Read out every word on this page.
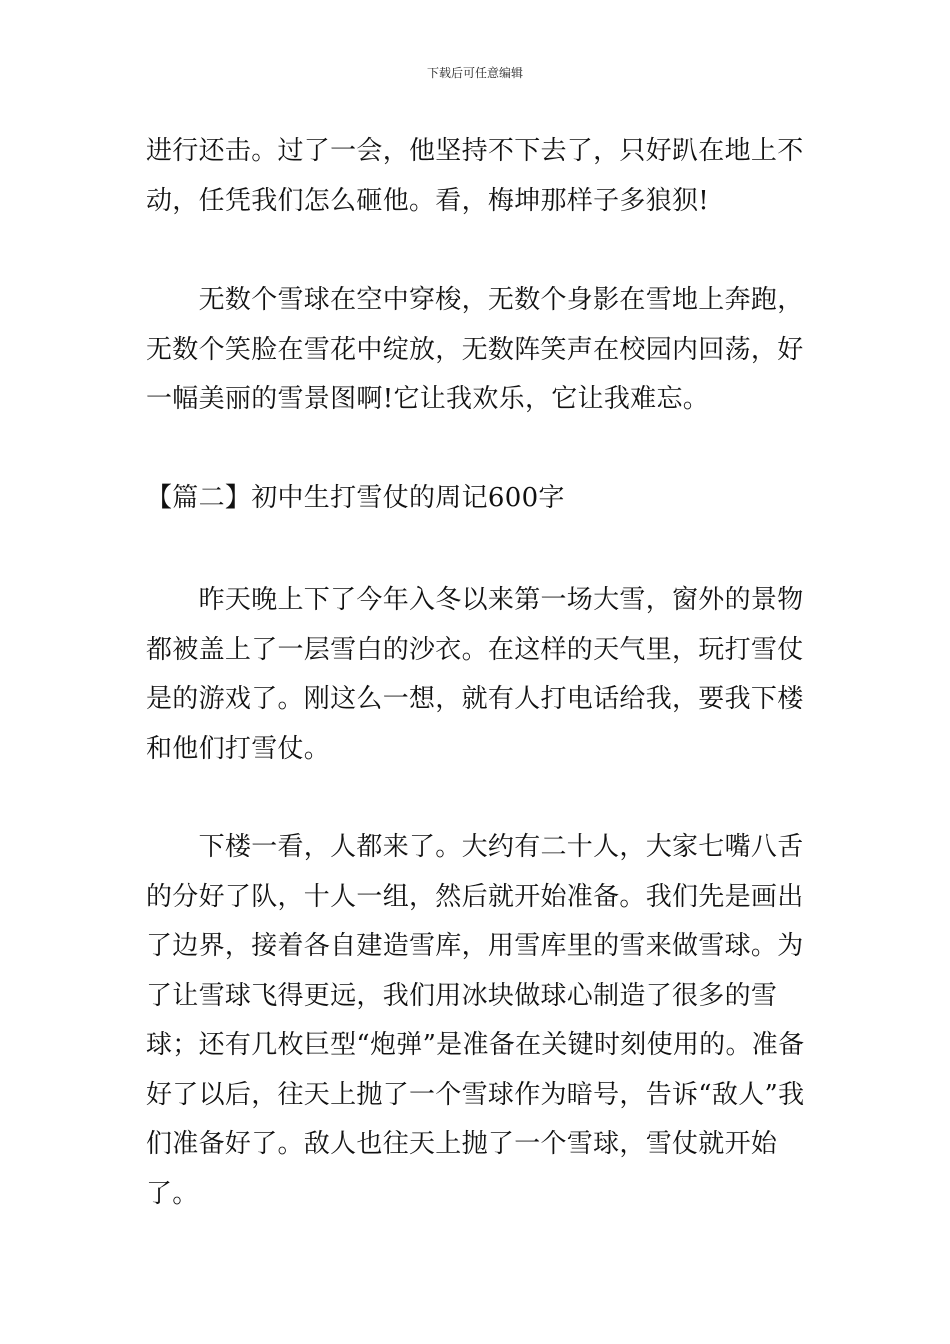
下载后可任意编辑

进行还击。过了一会，他坚持不下去了，只好趴在地上不动，任凭我们怎么砸他。看，梅坤那样子多狼狈!

　　无数个雪球在空中穿梭，无数个身影在雪地上奔跑，无数个笑脸在雪花中绽放，无数阵笑声在校园内回荡，好一幅美丽的雪景图啊!它让我欢乐，它让我难忘。

【篇二】初中生打雪仗的周记600字

　　昨天晚上下了今年入冬以来第一场大雪，窗外的景物都被盖上了一层雪白的沙衣。在这样的天气里，玩打雪仗是的游戏了。刚这么一想，就有人打电话给我，要我下楼和他们打雪仗。

　　下楼一看，人都来了。大约有二十人，大家七嘴八舌的分好了队，十人一组，然后就开始准备。我们先是画出了边界，接着各自建造雪库，用雪库里的雪来做雪球。为了让雪球飞得更远，我们用冰块做球心制造了很多的雪球；还有几枚巨型“炮弹”是准备在关键时刻使用的。准备好了以后，往天上抛了一个雪球作为暗号，告诉“敌人”我们准备好了。敌人也往天上抛了一个雪球，雪仗就开始了。
